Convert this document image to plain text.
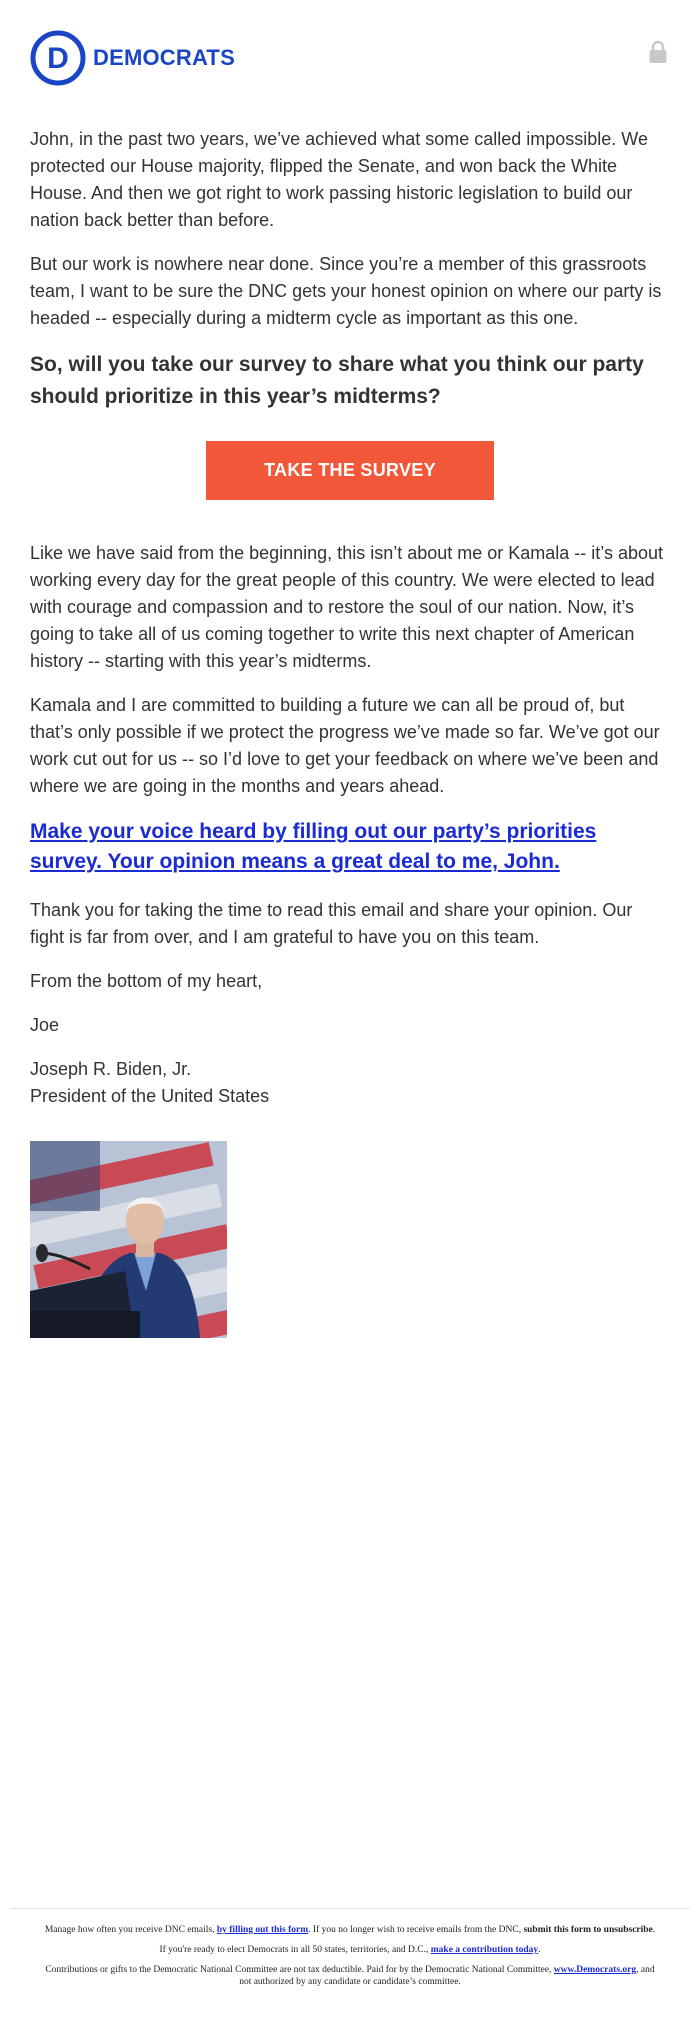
D DEMOCRATS

John, in the past two years, we’ve achieved what some called impossible. We protected our House majority, flipped the Senate, and won back the White House. And then we got right to work passing historic legislation to build our nation back better than before.

But our work is nowhere near done. Since you’re a member of this grassroots team, I want to be sure the DNC gets your honest opinion on where our party is headed -- especially during a midterm cycle as important as this one.

So, will you take our survey to share what you think our party should prioritize in this year’s midterms?
TAKE THE SURVEY

Like we have said from the beginning, this isn’t about me or Kamala -- it’s about working every day for the great people of this country. We were elected to lead with courage and compassion and to restore the soul of our nation. Now, it’s going to take all of us coming together to write this next chapter of American history -- starting with this year’s midterms.

Kamala and I are committed to building a future we can all be proud of, but that’s only possible if we protect the progress we’ve made so far. We’ve got our work cut out for us -- so I’d love to get your feedback on where we’ve been and where we are going in the months and years ahead.

Make your voice heard by filling out our party’s priorities survey. Your opinion means a great deal to me, John.

Thank you for taking the time to read this email and share your opinion. Our fight is far from over, and I am grateful to have you on this team.

From the bottom of my heart,

Joe

Joseph R. Biden, Jr.
President of the United States

Manage how often you receive DNC emails, by filling out this form. If you no longer wish to receive emails from the DNC, submit this form to unsubscribe.

If you're ready to elect Democrats in all 50 states, territories, and D.C., make a contribution today.

Contributions or gifts to the Democratic National Committee are not tax deductible. Paid for by the Democratic National Committee, www.Democrats.org, and not authorized by any candidate or candidate’s committee.
